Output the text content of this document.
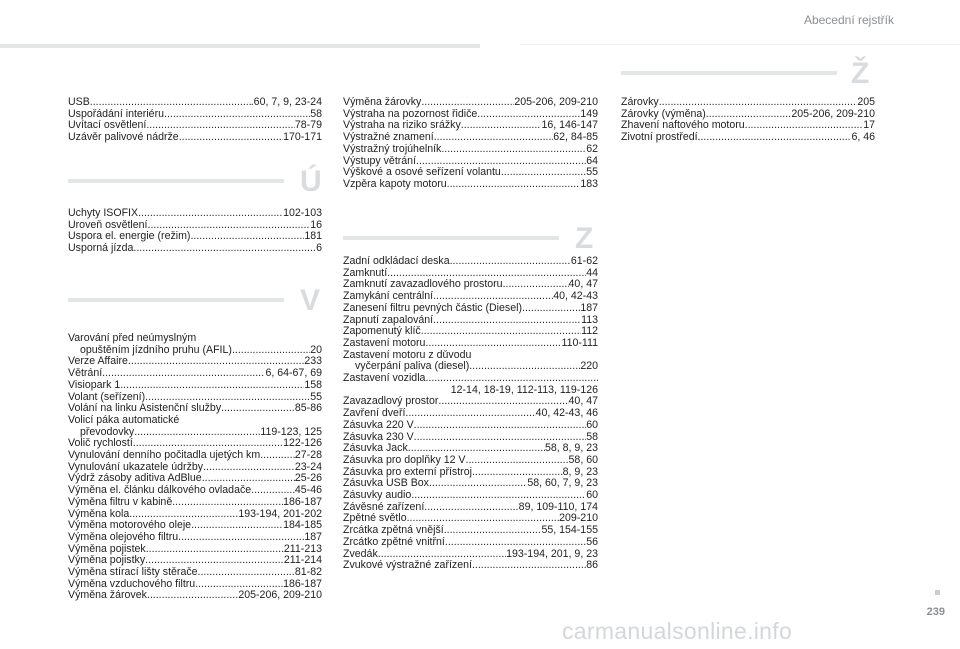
Abecední rejstřík
USB .....	.60, 7, 9, 23-24
Uspořádání interiéru .....	58
Uvítací osvětlení .....	78-79
Uzávěr palivové nádrže .....	170-171
Ú
Úchyty ISOFIX .....	102-103
Úroveň osvětlení .....	16
Úspora el. energie (režim) .....	181
Úsporná jízda .....	6
V
Varování před neúmyslným
opuštěním jízdního pruhu (AFIL) .....	20
Verze Affaire .....	233
Větrání .....	6, 64-67, 69
Visiopark 1 .....	158
Volant (seřízení) .....	55
Volání na linku Asistenční služby .....	85-86
Volicí páka automatické
převodovky .....	119-123, 125
Volič rychlostí .....	122-126
Vynulování denního počitadla ujetých km .....	27-28
Vynulování ukazatele údržby .....	23-24
Výdrž zásoby aditiva AdBlue .....	25-26
Výměna el. článku dálkového ovladače .....	45-46
Výměna filtru v kabině .....	186-187
Výměna kola .....	193-194, 201-202
Výměna motorového oleje .....	184-185
Výměna olejového filtru .....	187
Výměna pojistek .....	211-213
Výměna pojistky .....	211-214
Výměna stírací lišty stěrače .....	81-82
Výměna vzduchového filtru .....	186-187
Výměna žárovek .....	205-206, 209-210
Výměna žárovky .....	205-206, 209-210
Výstraha na pozornost řidiče .....	149
Výstraha na riziko srážky .....	16, 146-147
Výstražné znamení .....	62, 84-85
Výstražný trojúhelník .....	62
Výstupy větrání .....	64
Výškové a osové seřízení volantu .....	55
Vzpěra kapoty motoru .....	183
Z
Zadní odkládací deska .....	61-62
Zamknutí .....	44
Zamknutí zavazadlového prostoru .....	40, 47
Zamykání centrální .....	40, 42-43
Zanesení filtru pevných částic (Diesel) .....	187
Zapnutí zapalování .....	113
Zapomenutý klíč .....	112
Zastavení motoru .....	110-111
Zastavení motoru z důvodu
vyčerpání paliva (diesel) .....	220
Zastavení vozidla
.....
12-14, 18-19, 112-113, 119-126
Zavazadlový prostor .....	40, 47
Zavření dveří .....	40, 42-43, 46
Zásuvka 220 V .....	60
Zásuvka 230 V .....	58
Zásuvka Jack .....	58, 8, 9, 23
Zásuvka pro doplňky 12 V .....	58, 60
Zásuvka pro externí přístroj .....	8, 9, 23
Zásuvka USB Box .....	58, 60, 7, 9, 23
Zásuvky audio .....	60
Závěsné zařízení .....	89, 109-110, 174
Zpětné světlo .....	209-210
Zrcátka zpětná vnější .....	55, 154-155
Zrcátko zpětné vnitřní .....	56
Zvedák .....	193-194, 201, 9, 23
Zvukové výstražné zařízení .....	86
Ž
Žárovky .....	205
Žárovky (výměna) .....	205-206, 209-210
Žhavení naftového motoru .....	17
Životní prostředí .....	6, 46
239
carmanualsonline.info
